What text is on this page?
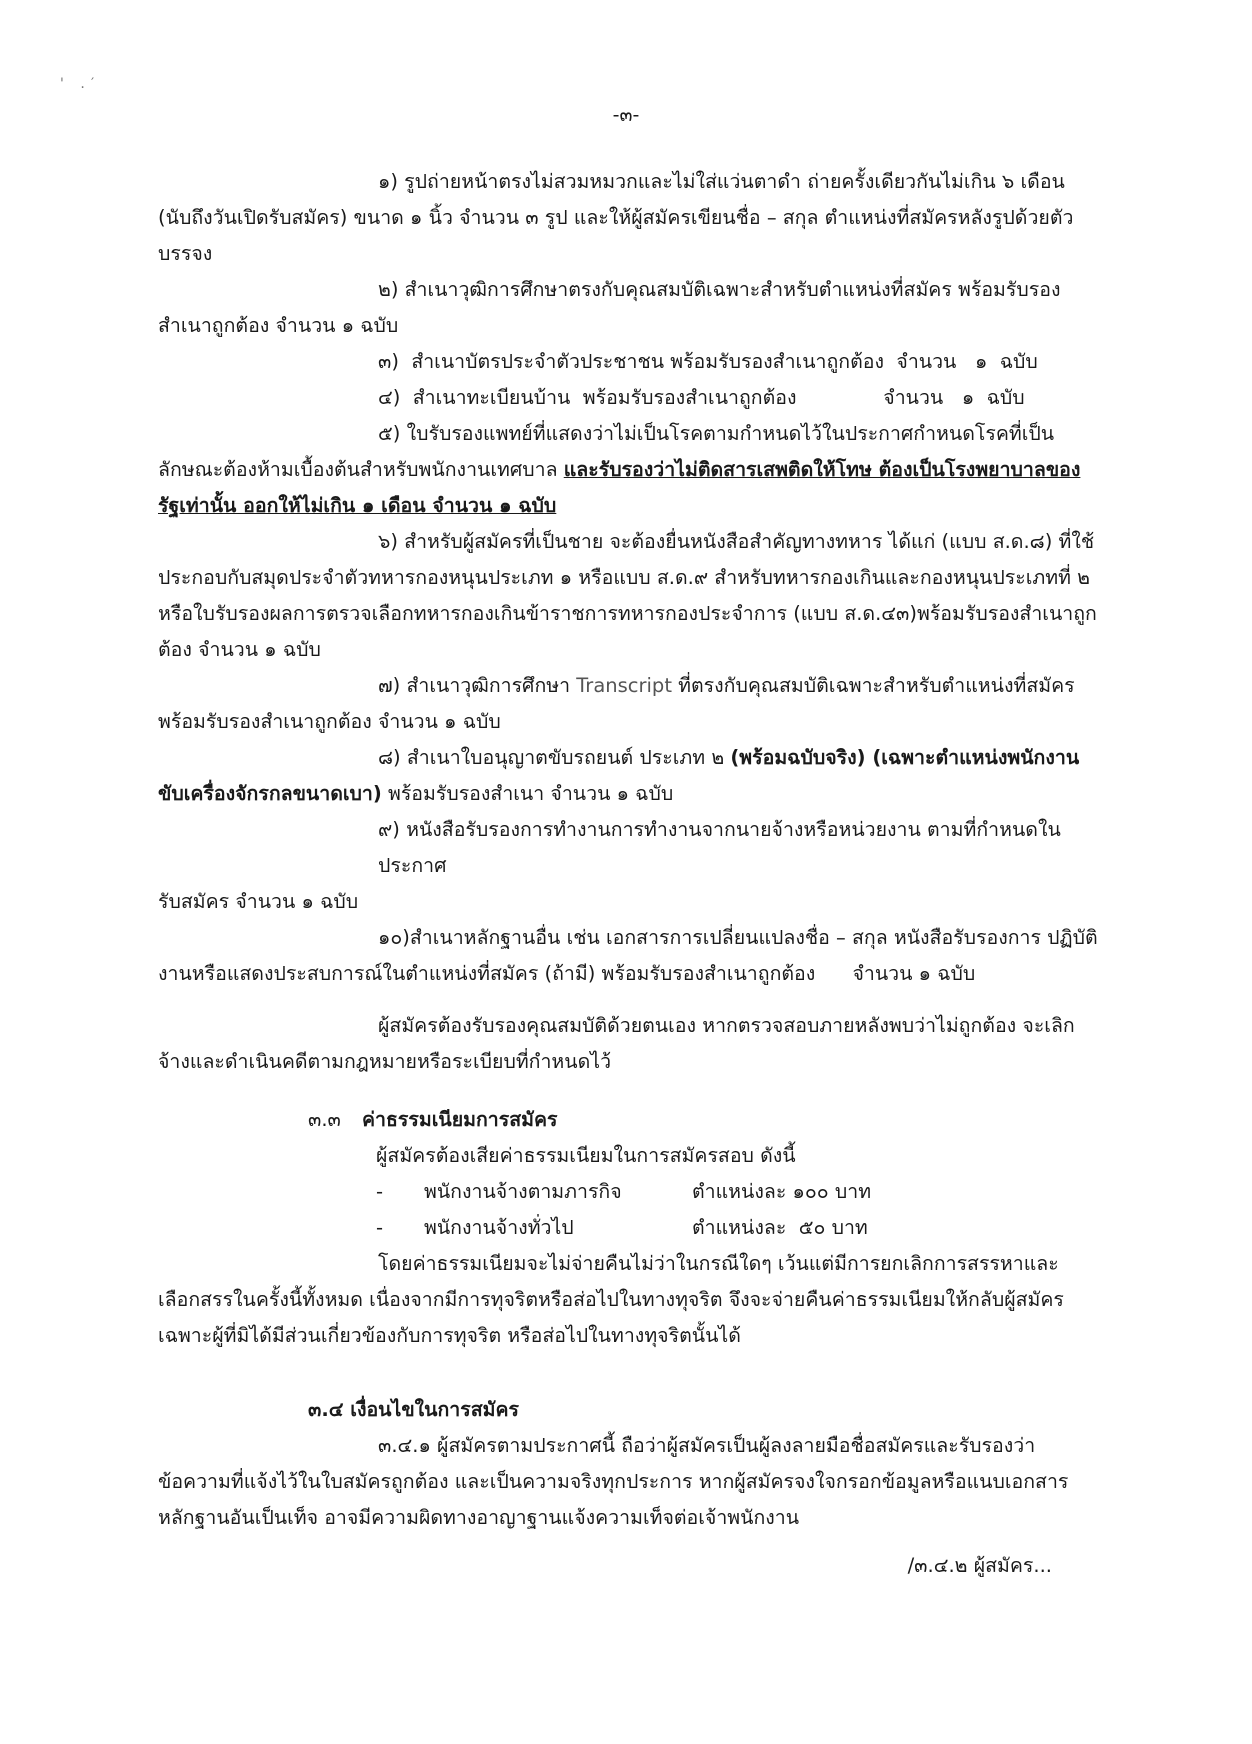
' ․′
-๓-

๑) รูปถ่ายหน้าตรงไม่สวมหมวกและไม่ใส่แว่นตาดำ ถ่ายครั้งเดียวกันไม่เกิน ๖ เดือน (นับถึงวันเปิดรับสมัคร) ขนาด ๑ นิ้ว จำนวน ๓ รูป และให้ผู้สมัครเขียนชื่อ – สกุล ตำแหน่งที่สมัครหลังรูปด้วยตัวบรรจง

๒) สำเนาวุฒิการศึกษาตรงกับคุณสมบัติเฉพาะสำหรับตำแหน่งที่สมัคร พร้อมรับรอง สำเนาถูกต้อง จำนวน ๑ ฉบับ

๓)  สำเนาบัตรประจำตัวประชาชน พร้อมรับรองสำเนาถูกต้อง  จำนวน   ๑  ฉบับ

๔)  สำเนาทะเบียนบ้าน  พร้อมรับรองสำเนาถูกต้อง              จำนวน   ๑  ฉบับ

๕) ใบรับรองแพทย์ที่แสดงว่าไม่เป็นโรคตามกำหนดไว้ในประกาศกำหนดโรคที่เป็น ลักษณะต้องห้ามเบื้องต้นสำหรับพนักงานเทศบาล และรับรองว่าไม่ติดสารเสพติดให้โทษ ต้องเป็นโรงพยาบาลของรัฐเท่านั้น ออกให้ไม่เกิน ๑ เดือน จำนวน ๑ ฉบับ

๖) สำหรับผู้สมัครที่เป็นชาย จะต้องยื่นหนังสือสำคัญทางทหาร ได้แก่ (แบบ ส.ด.๘) ที่ใช้ ประกอบกับสมุดประจำตัวทหารกองหนุนประเภท ๑ หรือแบบ ส.ด.๙ สำหรับทหารกองเกินและกองหนุนประเภทที่ ๒ หรือใบรับรองผลการตรวจเลือกทหารกองเกินข้าราชการทหารกองประจำการ (แบบ ส.ด.๔๓)พร้อมรับรองสำเนาถูกต้อง จำนวน ๑ ฉบับ

๗) สำเนาวุฒิการศึกษา Transcript ที่ตรงกับคุณสมบัติเฉพาะสำหรับตำแหน่งที่สมัคร พร้อมรับรองสำเนาถูกต้อง จำนวน ๑ ฉบับ

๘) สำเนาใบอนุญาตขับรถยนต์ ประเภท ๒ (พร้อมฉบับจริง) (เฉพาะตำแหน่งพนักงานขับเครื่องจักรกลขนาดเบา) พร้อมรับรองสำเนา จำนวน ๑ ฉบับ

๙) หนังสือรับรองการทำงานการทำงานจากนายจ้างหรือหน่วยงาน ตามที่กำหนดในประกาศ รับสมัคร จำนวน ๑ ฉบับ

๑๐)สำเนาหลักฐานอื่น เช่น เอกสารการเปลี่ยนแปลงชื่อ – สกุล หนังสือรับรองการ ปฏิบัติงานหรือแสดงประสบการณ์ในตำแหน่งที่สมัคร (ถ้ามี) พร้อมรับรองสำเนาถูกต้อง      จำนวน ๑ ฉบับ

ผู้สมัครต้องรับรองคุณสมบัติด้วยตนเอง หากตรวจสอบภายหลังพบว่าไม่ถูกต้อง จะเลิกจ้างและดำเนินคดีตามกฎหมายหรือระเบียบที่กำหนดไว้

๓.๓ ค่าธรรมเนียมการสมัคร

ผู้สมัครต้องเสียค่าธรรมเนียมในการสมัครสอบ ดังนี้

-	พนักงานจ้างตามภารกิจ	ตำแหน่งละ ๑๐๐ บาท
-	พนักงานจ้างทั่วไป	ตำแหน่งละ  ๕๐ บาท

โดยค่าธรรมเนียมจะไม่จ่ายคืนไม่ว่าในกรณีใดๆ เว้นแต่มีการยกเลิกการสรรหาและ เลือกสรรในครั้งนี้ทั้งหมด เนื่องจากมีการทุจริตหรือส่อไปในทางทุจริต จึงจะจ่ายคืนค่าธรรมเนียมให้กลับผู้สมัครเฉพาะผู้ที่มิได้มีส่วนเกี่ยวข้องกับการทุจริต หรือส่อไปในทางทุจริตนั้นได้

๓.๔ เงื่อนไขในการสมัคร

๓.๔.๑ ผู้สมัครตามประกาศนี้ ถือว่าผู้สมัครเป็นผู้ลงลายมือชื่อสมัครและรับรองว่า ข้อความที่แจ้งไว้ในใบสมัครถูกต้อง และเป็นความจริงทุกประการ หากผู้สมัครจงใจกรอกข้อมูลหรือแนบเอกสารหลักฐานอันเป็นเท็จ อาจมีความผิดทางอาญาฐานแจ้งความเท็จต่อเจ้าพนักงาน

/๓.๔.๒ ผู้สมัคร...
